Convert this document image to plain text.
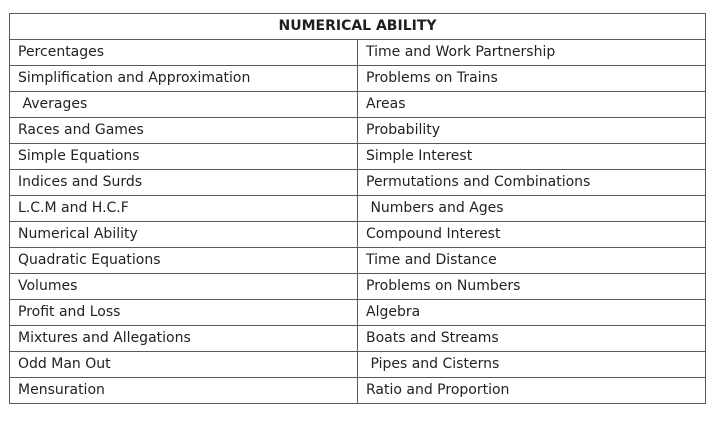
NUMERICAL ABILITY	
Percentages	Time and Work Partnership
Simplification and Approximation	Problems on Trains
Averages	Areas
Races and Games	Probability
Simple Equations	Simple Interest
Indices and Surds	Permutations and Combinations
L.C.M and H.C.F	Numbers and Ages
Numerical Ability	Compound Interest
Quadratic Equations	Time and Distance
Volumes	Problems on Numbers
Profit and Loss	Algebra
Mixtures and Allegations	Boats and Streams
Odd Man Out	Pipes and Cisterns
Mensuration	Ratio and Proportion
